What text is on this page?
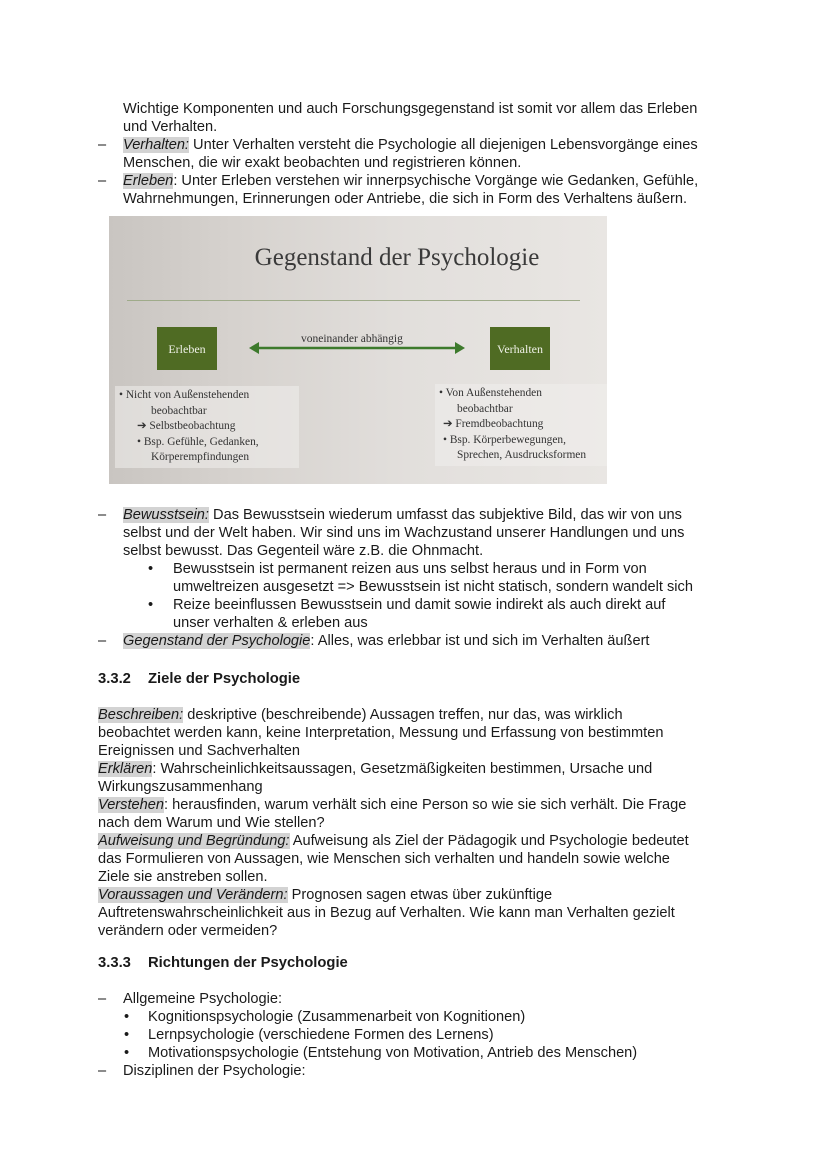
Wichtige Komponenten und auch Forschungsgegenstand ist somit vor allem das Erleben
und Verhalten.
–	Verhalten: Unter Verhalten versteht die Psychologie all diejenigen Lebensvorgänge eines
Menschen, die wir exakt beobachten und registrieren können.
–	Erleben: Unter Erleben verstehen wir innerpsychische Vorgänge wie Gedanken, Gefühle,
Wahrnehmungen, Erinnerungen oder Antriebe, die sich in Form des Verhaltens äußern.
Gegenstand der Psychologie
Erleben	Verhalten
voneinander abhängig
• Nicht von Außenstehenden
beobachtbar
➔ Selbstbeobachtung
• Bsp. Gefühle, Gedanken,
Körperempfindungen
• Von Außenstehenden
beobachtbar
➔ Fremdbeobachtung
• Bsp. Körperbewegungen,
Sprechen, Ausdrucksformen
–	Bewusstsein: Das Bewusstsein wiederum umfasst das subjektive Bild, das wir von uns
selbst und der Welt haben. Wir sind uns im Wachzustand unserer Handlungen und uns
selbst bewusst. Das Gegenteil wäre z.B. die Ohnmacht.
•	Bewusstsein ist permanent reizen aus uns selbst heraus und in Form von
umweltreizen ausgesetzt => Bewusstsein ist nicht statisch, sondern wandelt sich
•	Reize beeinflussen Bewusstsein und damit sowie indirekt als auch direkt auf
unser verhalten & erleben aus
–	Gegenstand der Psychologie: Alles, was erlebbar ist und sich im Verhalten äußert
3.3.2 Ziele der Psychologie
Beschreiben: deskriptive (beschreibende) Aussagen treffen, nur das, was wirklich
beobachtet werden kann, keine Interpretation, Messung und Erfassung von bestimmten
Ereignissen und Sachverhalten
Erklären: Wahrscheinlichkeitsaussagen, Gesetzmäßigkeiten bestimmen, Ursache und
Wirkungszusammenhang
Verstehen: herausfinden, warum verhält sich eine Person so wie sie sich verhält. Die Frage
nach dem Warum und Wie stellen?
Aufweisung und Begründung: Aufweisung als Ziel der Pädagogik und Psychologie bedeutet
das Formulieren von Aussagen, wie Menschen sich verhalten und handeln sowie welche
Ziele sie anstreben sollen.
Voraussagen und Verändern: Prognosen sagen etwas über zukünftige
Auftretenswahrscheinlichkeit aus in Bezug auf Verhalten. Wie kann man Verhalten gezielt
verändern oder vermeiden?
3.3.3 Richtungen der Psychologie
–	Allgemeine Psychologie:
•	Kognitionspsychologie (Zusammenarbeit von Kognitionen)
•	Lernpsychologie (verschiedene Formen des Lernens)
•	Motivationspsychologie (Entstehung von Motivation, Antrieb des Menschen)
–	Disziplinen der Psychologie:
